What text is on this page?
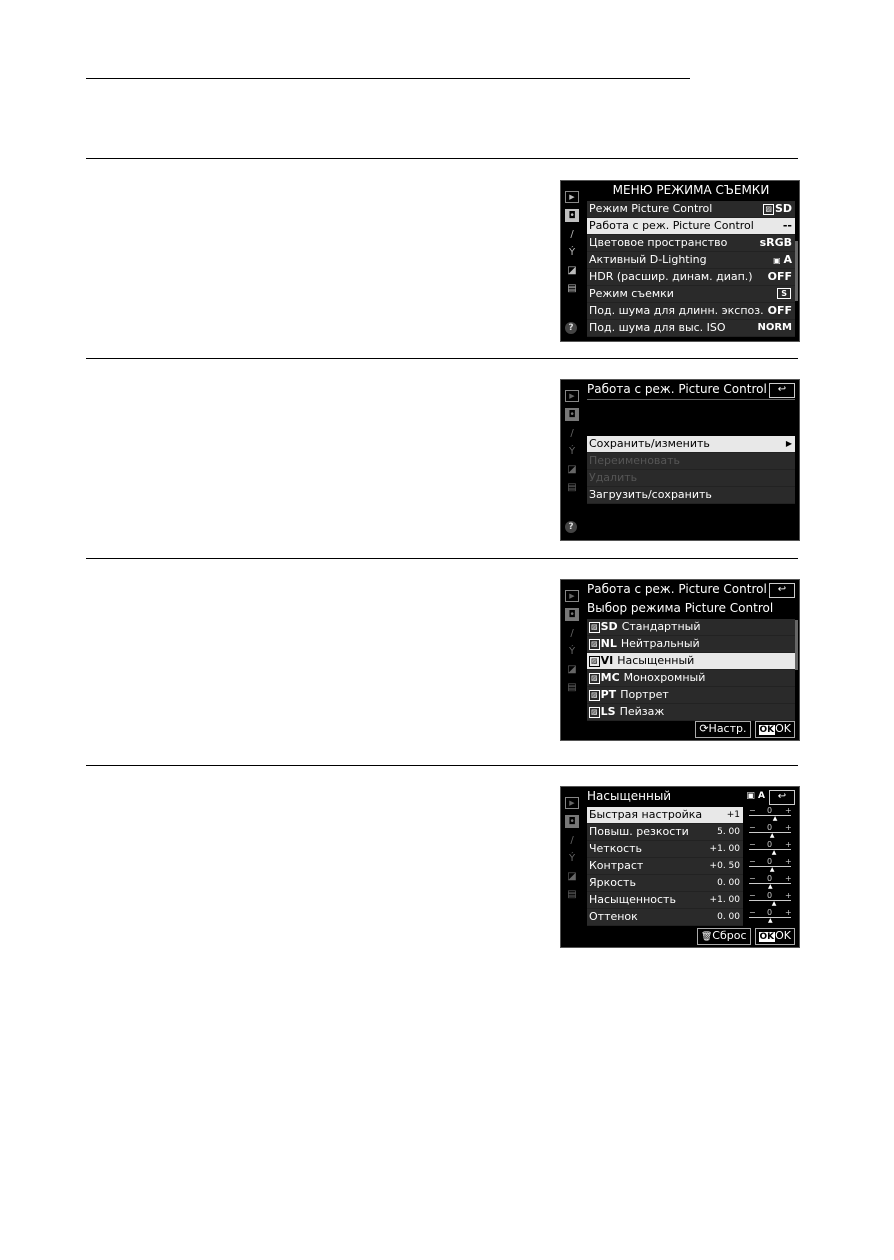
▶
◘
/
Ý
◪
▤
?
МЕНЮ РЕЖИМА СЪЕМКИ
Режим Picture Control	▨ SD
Работа с реж. Picture Control	--
Цветовое пространство	sRGB
Активный D-Lighting	▣ A
HDR (расшир. динам. диап.) OFF
Режим съемки	S
Под. шума для длинн. экспоз. OFF
Под. шума для выс. ISO	NORM
▶
◘
/
Ý
◪
▤
?
Работа с реж. Picture Control	↩
Сохранить/изменить	▶
Переименовать
Удалить
Загрузить/сохранить
▶
◘
/
Ý
◪
▤
Работа с реж. Picture Control	↩
Выбор режима Picture Control
▨ SD Стандартный
▨ NL Нейтральный
▨ VI Насыщенный
▨ MC Монохромный
▨ PT Портрет
▨ LS Пейзаж
⟳Настр.	OKOK
▶
◘
/
Ý
◪
▤
Насыщенный	▣ A	↩
Быстрая настройка	+1 − 0 +
▲
Повыш. резкости	5. 00 − 0 +
▲
Четкость	+1. 00 − 0 +
▲
Контраст	+0. 50 − 0 +
▲
Яркость	0. 00 − 0 +
▲
Насыщенность	+1. 00 − 0 +
▲
Оттенок	0. 00 − 0 +
▲
🗑Сброс	OKOK
